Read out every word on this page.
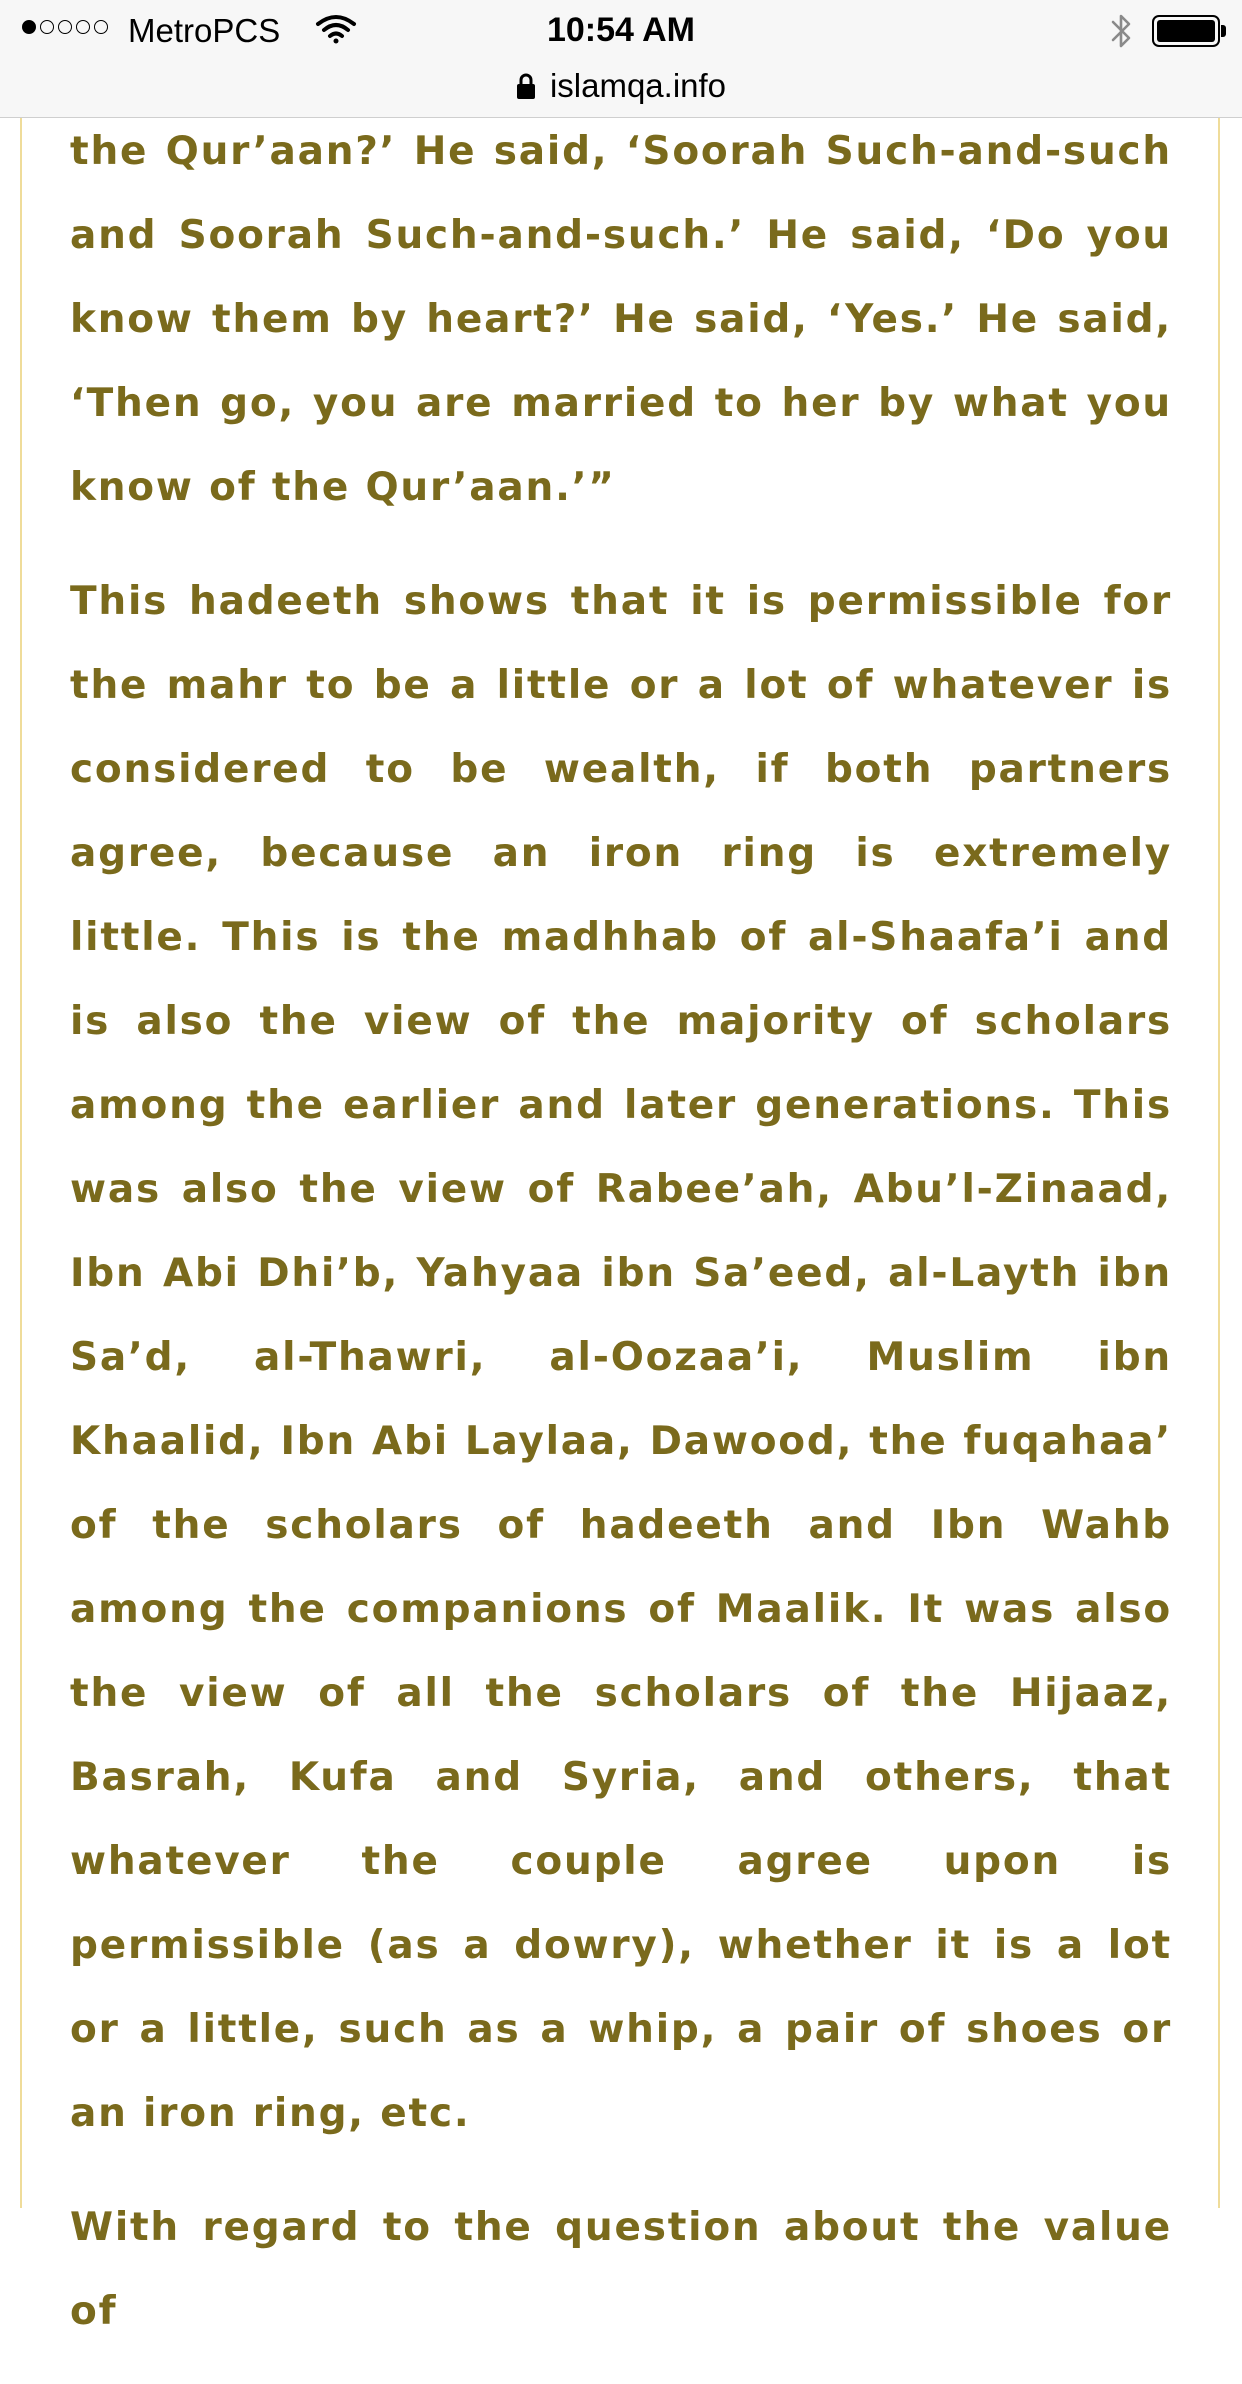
MetroPCS	10:54 AM
islamqa.info

the Qur’aan?’ He said, ‘Soorah Such-and-such and Soorah Such-and-such.’ He said, ‘Do you know them by heart?’ He said, ‘Yes.’ He said, ‘Then go, you are married to her by what you know of the Qur’aan.’”

This hadeeth shows that it is permissible for the mahr to be a little or a lot of whatever is considered to be wealth, if both partners agree, because an iron ring is extremely little. This is the madhhab of al-Shaafa’i and is also the view of the majority of scholars among the earlier and later generations. This was also the view of Rabee’ah, Abu’l-Zinaad, Ibn Abi Dhi’b, Yahyaa ibn Sa’eed, al-Layth ibn Sa’d, al-Thawri, al-Oozaa’i, Muslim ibn Khaalid, Ibn Abi Laylaa, Dawood, the fuqahaa’ of the scholars of hadeeth and Ibn Wahb among the companions of Maalik. It was also the view of all the scholars of the Hijaaz, Basrah, Kufa and Syria, and others, that whatever the couple agree upon is permissible (as a dowry), whether it is a lot or a little, such as a whip, a pair of shoes or an iron ring, etc.

With regard to the question about the value of
